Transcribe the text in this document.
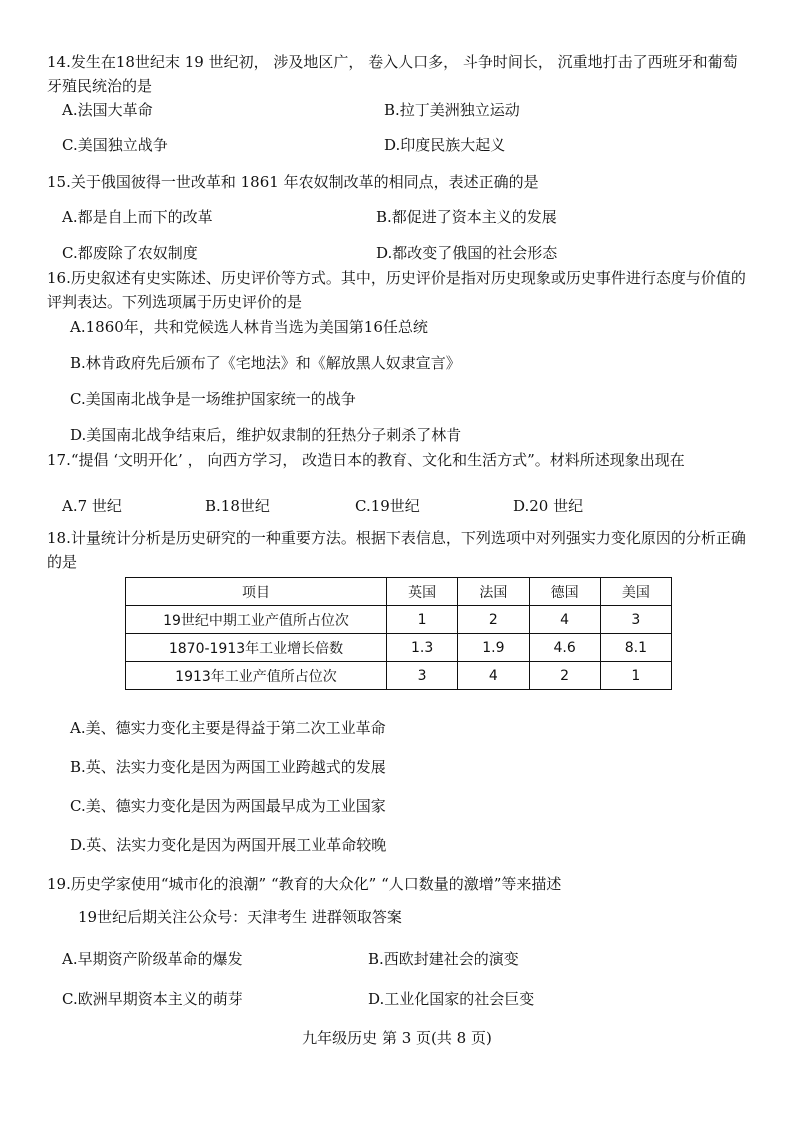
14.发生在18世纪末 19 世纪初， 涉及地区广， 卷入人口多， 斗争时间长， 沉重地打击了西班牙和葡萄牙殖民统治的是
A.法国大革命	B.拉丁美洲独立运动
C.美国独立战争	D.印度民族大起义
15.关于俄国彼得一世改革和 1861 年农奴制改革的相同点，表述正确的是
A.都是自上而下的改革	B.都促进了资本主义的发展
C.都废除了农奴制度	D.都改变了俄国的社会形态
16.历史叙述有史实陈述、历史评价等方式。其中，历史评价是指对历史现象或历史事件进行态度与价值的评判表达。下列选项属于历史评价的是
A.1860年，共和党候选人林肯当选为美国第16任总统
B.林肯政府先后颁布了《宅地法》和《解放黑人奴隶宣言》
C.美国南北战争是一场维护国家统一的战争
D.美国南北战争结束后，维护奴隶制的狂热分子刺杀了林肯
17.“提倡 ‘文明开化’ ， 向西方学习， 改造日本的教育、文化和生活方式”。材料所述现象出现在
A.7 世纪	B.18世纪	C.19世纪	D.20 世纪
18.计量统计分析是历史研究的一种重要方法。根据下表信息，下列选项中对列强实力变化原因的分析正确的是
项目	英国	法国	德国	美国
19世纪中期工业产值所占位次	1	2	4	3
1870-1913年工业增长倍数	1.3	1.9	4.6	8.1
1913年工业产值所占位次	3	4	2	1
A.美、德实力变化主要是得益于第二次工业革命
B.英、法实力变化是因为两国工业跨越式的发展
C.美、德实力变化是因为两国最早成为工业国家
D.英、法实力变化是因为两国开展工业革命较晚
19.历史学家使用“城市化的浪潮” “教育的大众化” “人口数量的激增”等来描述
19世纪后期关注公众号：天津考生 进群领取答案
A.早期资产阶级革命的爆发	B.西欧封建社会的演变
C.欧洲早期资本主义的萌芽	D.工业化国家的社会巨变
九年级历史 第 3 页(共 8 页)
